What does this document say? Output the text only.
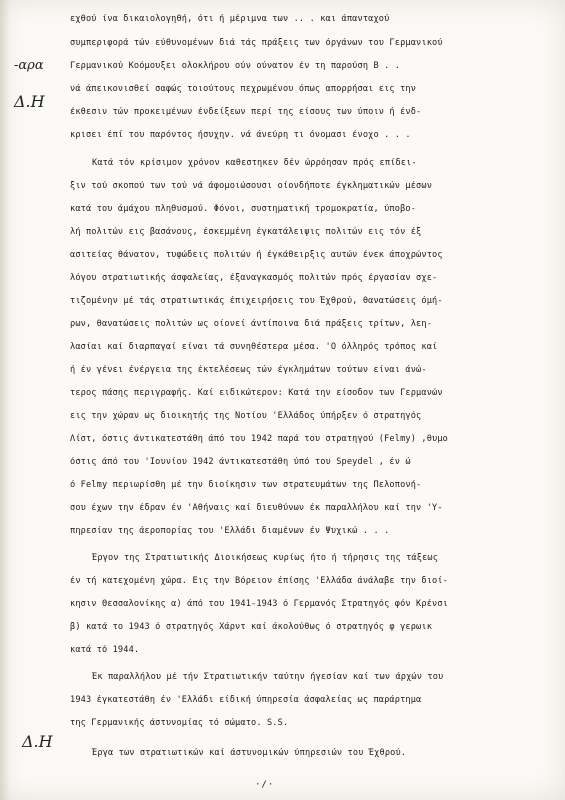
-αρα
Δ.Η
Δ.Η
εχθού ίνα δικαιολογηθή, ότι ή μέριμνα των .. . και άπανταχού
συμπεριφορά τών εύθυνομένων διά τάς πράξεις των όργάνων του Γερμανικού
Γερμανικού Κοόμουξει ολοκλήρου ούν ούνατον έν τη παρούση Β . .
νά άπεικονισθεί σαφώς τοιούτους πεχρωμένου όπως απορρήσαι εις την
έκθεσιν τών προκειμένων ένδείξεων περί της είσους των ύποιν ή ένδ-
κρισει έπί του παρόντος ήσυχην. νά άνεύρη τι όνομασι ένοχο . . .
Κατά τόν κρίσιμον χρόνον καθεστηκεν δέν ώρρόησαν πρός επίδει-
ξιν τού σκοπού των τού νά άφομοιώσουσι οίονδήποτε έγκληματικών μέσων
κατά του άμάχου πληθυσμού. Φόνοι, συστηματική τρομοκρατία, ύποβο-
λή πολιτών εις βασάνους, έσκεμμένη έγκατάλειψις πολιτών εις τόν έξ
ασιτείας θάνατον, τυφώδεις πολιτών ή έγκάθειρξις αυτών ένεκ άποχρώντος
λόγου στρατιωτικής άσφαλείας, έξαναγκασμός πολιτών πρός έργασίαν σχε-
τιζομένην μέ τάς στρατιωτικάς έπιχειρήσεις του Έχθρού, θανατώσεις όμή-
ρων, θανατώσεις πολιτών ως οίονεί άντίποινα διά πράξεις τρίτων, λεη-
λασίαι καί διαρπαγαί είναι τά συνηθέστερα μέσα. 'Ο όλληρός τρόπος καί
ή έν γένει ένέργεια της έκτελέσεως τών έγκλημάτων τούτων είναι άνώ-
τερος πάσης περιγραφής. Καί ειδικώτερον: Κατά την είσοδον των Γερμανών
εις την χώραν ως διοικητής της Νοτίου 'Ελλάδος ύπήρξεν ό στρατηγός
Λίστ, όστις άντικατεστάθη άπό του 1942 παρά του στρατηγού (Felmy) ,θυμο
όστις άπό του 'Ιουνίου 1942 άντικατεστάθη ύπό του Speydel , έν ώ
ό Felmy περιωρίσθη μέ την διοίκησιν των στρατευμάτων της Πελοπονή-
σου έχων την έδραν έν 'Αθήναις καί διευθύνων έκ παραλλήλου καί την 'Υ-
πηρεσίαν της άεροπορίας του 'Ελλάδι διαμένων έν Ψυχικώ . . .
Έργον της Στρατιωτικής Διοικήσεως κυρίως ήτο ή τήρησις της τάξεως
έν τή κατεχομένη χώρα. Εις την Βόρειον έπίσης 'Ελλάδα άνάλαβε την διοί-
κησιν Θεσσαλονίκης α) άπό του 1941-1943 ό Γερμανός Στρατηγός φόν Κρένσι
β) κατά το 1943 ό στρατηγός Χάρντ καί άκολούθως ό στρατηγός φ γερωικ
κατά τό 1944.
Έκ παραλλήλου μέ τήν Στρατιωτικήν ταύτην ήγεσίαν καί των άρχών του
1943 έγκατεστάθη έν 'Ελλάδι είδική ύπηρεσία άσφαλείας ως παράρτημα
της Γερμανικής άστυνομίας τό σώματο. S.S.
Έργα των στρατιωτικών καί άστυνομικών ύπηρεσιών του Έχθρού.
·/·
